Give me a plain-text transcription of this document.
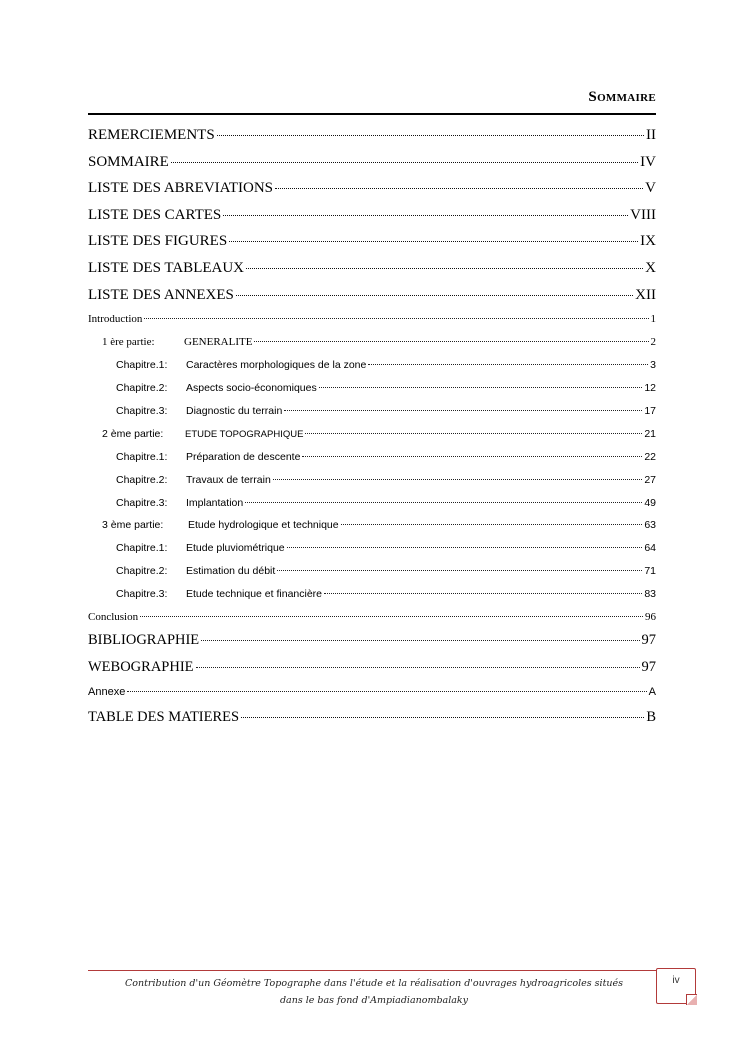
Sommaire
REMERCIEMENTS	II
SOMMAIRE	IV
LISTE DES ABREVIATIONS	V
LISTE DES CARTES	VIII
LISTE DES FIGURES	IX
LISTE DES TABLEAUX	X
LISTE DES ANNEXES	XII
Introduction	1
1 ère partie:	GENERALITE	2
Chapitre.1: Caractères morphologiques de la zone	3
Chapitre.2: Aspects socio-économiques	12
Chapitre.3: Diagnostic du terrain	17
2 ème partie: ETUDE TOPOGRAPHIQUE	21
Chapitre.1: Préparation de descente	22
Chapitre.2: Travaux de terrain	27
Chapitre.3: Implantation	49
3 ème partie: Etude hydrologique et technique	63
Chapitre.1: Etude pluviométrique	64
Chapitre.2: Estimation du débit	71
Chapitre.3: Etude technique et financière	83
Conclusion	96
BIBLIOGRAPHIE	97
WEBOGRAPHIE	97
Annexe	A
TABLE DES MATIERES	B
Contribution d'un Géomètre Topographe dans l'étude et la réalisation d'ouvrages hydroagricoles situés dans le bas fond d'Ampiadianombalaky
iv
